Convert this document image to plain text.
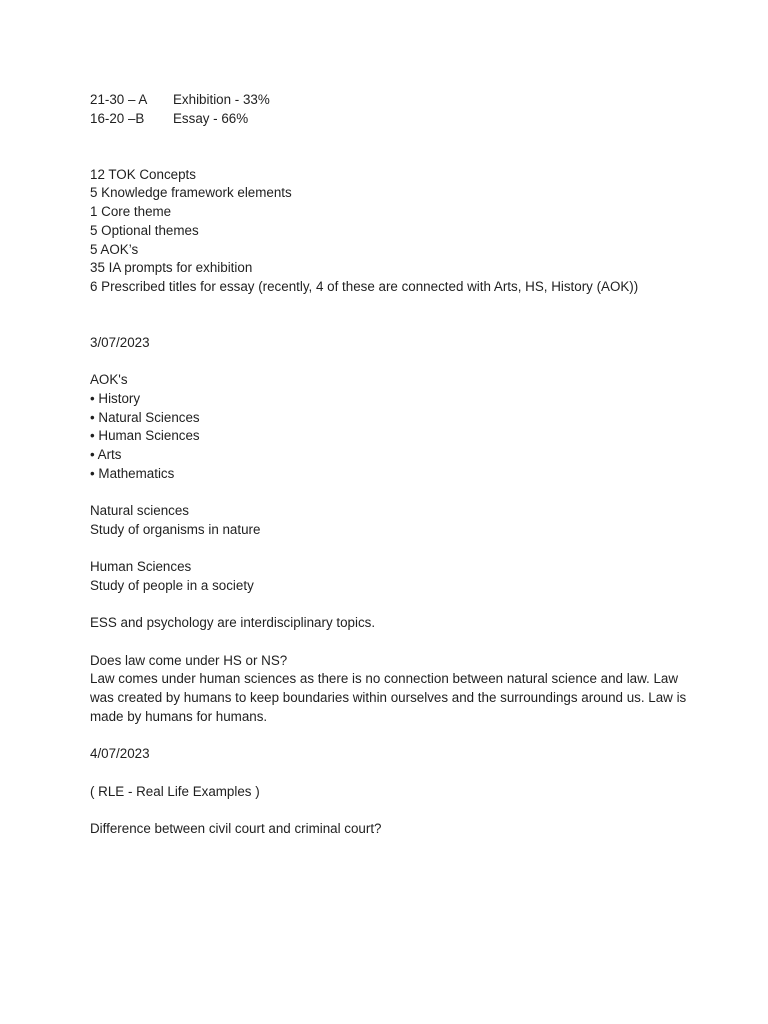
21-30 – A	Exhibition - 33%
16-20 –B	Essay - 66%
12 TOK Concepts
5 Knowledge framework elements
1 Core theme
5 Optional themes
5 AOK’s
35 IA prompts for exhibition
6 Prescribed titles for essay (recently, 4 of these are connected with Arts, HS, History (AOK))
3/07/2023
AOK's
• History
• Natural Sciences
• Human Sciences
• Arts
• Mathematics
Natural sciences
Study of organisms in nature
Human Sciences
Study of people in a society
ESS and psychology are interdisciplinary topics.
Does law come under HS or NS?
Law comes under human sciences as there is no connection between natural science and law. Law was created by humans to keep boundaries within ourselves and the surroundings around us. Law is made by humans for humans.
4/07/2023
( RLE - Real Life Examples )
Difference between civil court and criminal court?
